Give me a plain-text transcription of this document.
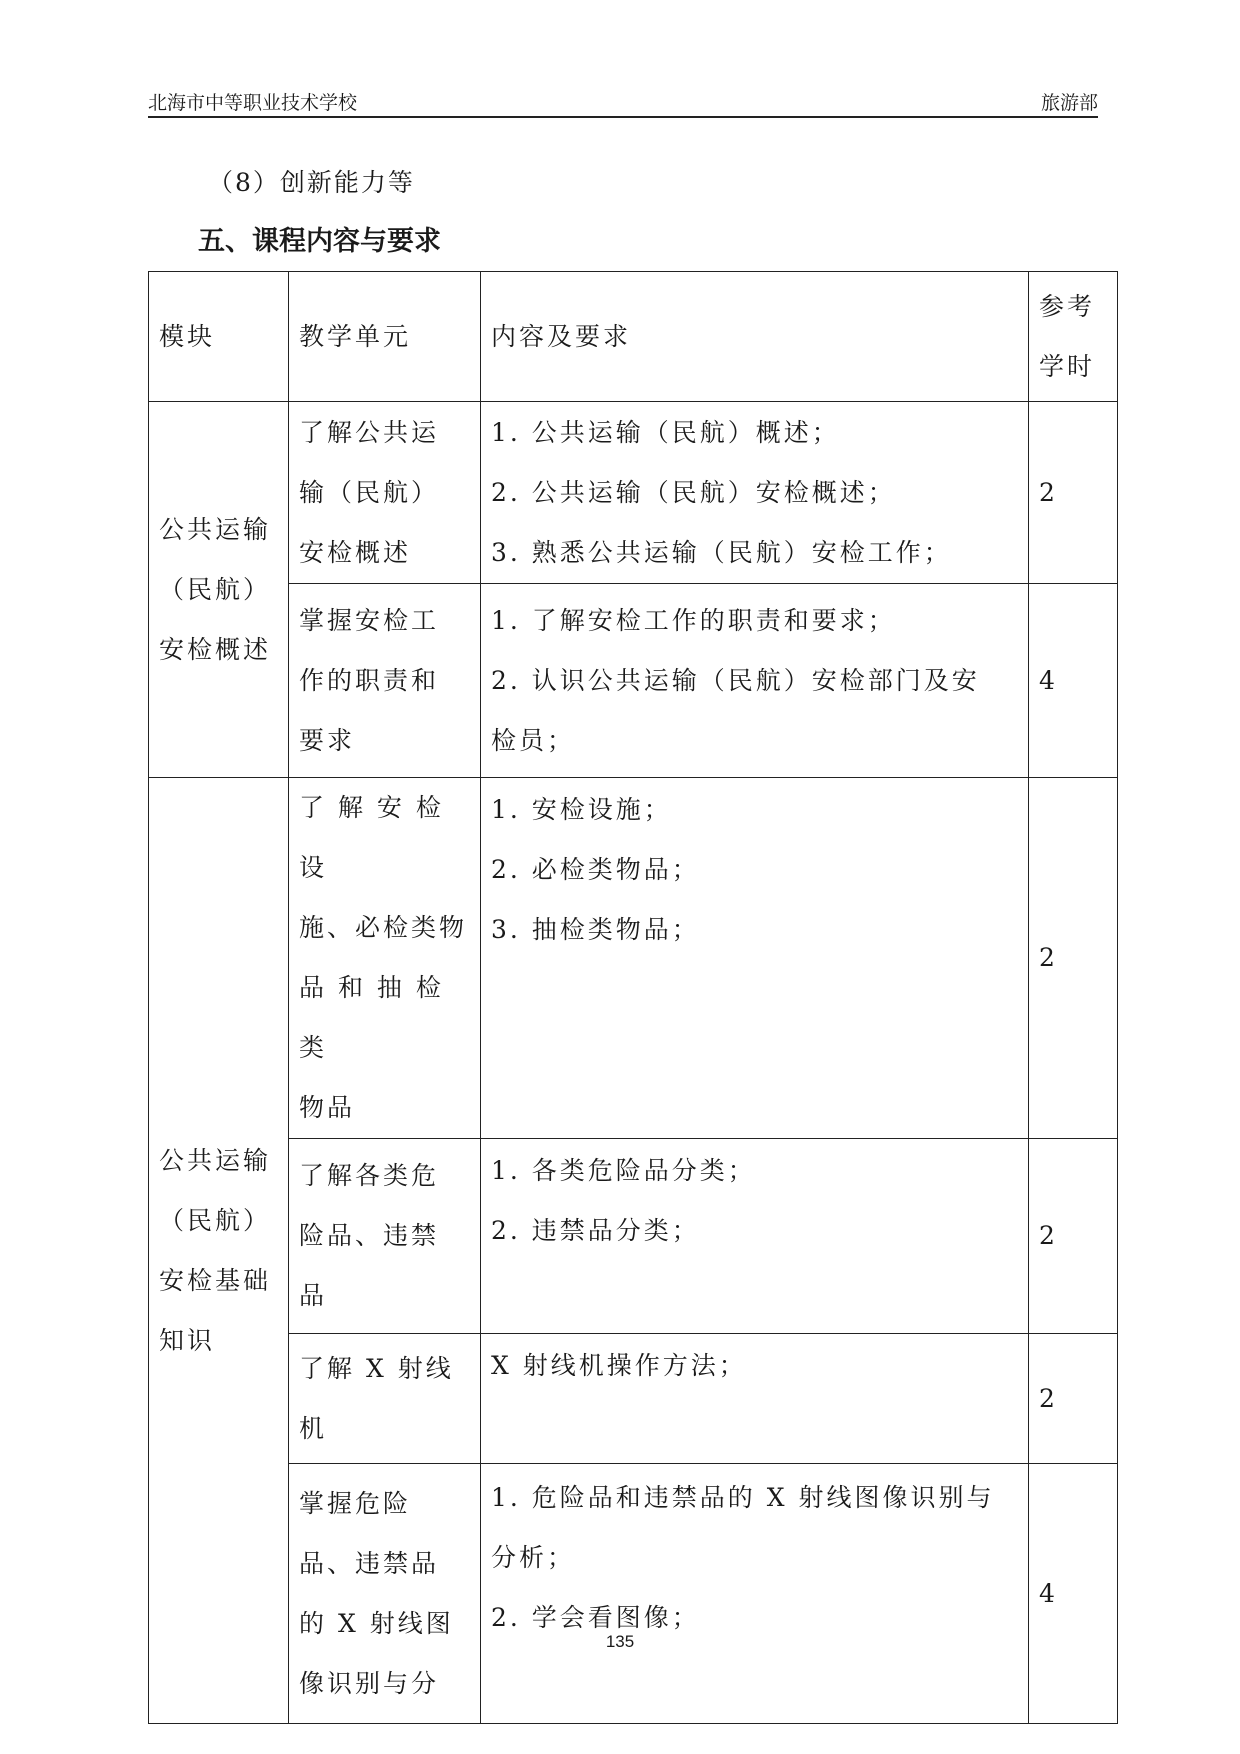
北海市中等职业技术学校	旅游部
（8）创新能力等
五、课程内容与要求
模块	教学单元	内容及要求	参考
学时

公共运输
（民航）
安检概述	了解公共运
输（民航）
安检概述	1. 公共运输（民航）概述；
2. 公共运输（民航）安检概述；
3. 熟悉公共运输（民航）安检工作；	2

	掌握安检工
作的职责和
要求	1. 了解安检工作的职责和要求；
2. 认识公共运输（民航）安检部门及安
检员；	4

公共运输
（民航）
安检基础
知识	了 解 安 检 设
施、必检类物
品 和 抽 检 类
物品	1. 安检设施；
2. 必检类物品；
3. 抽检类物品；	2

	了解各类危
险品、违禁
品	1. 各类危险品分类；
2. 违禁品分类；	2

	了解 X 射线
机	X 射线机操作方法；	2

	掌握危险
品、违禁品
的 X 射线图
像识别与分	1. 危险品和违禁品的 X 射线图像识别与
分析；
2. 学会看图像；	4
135
